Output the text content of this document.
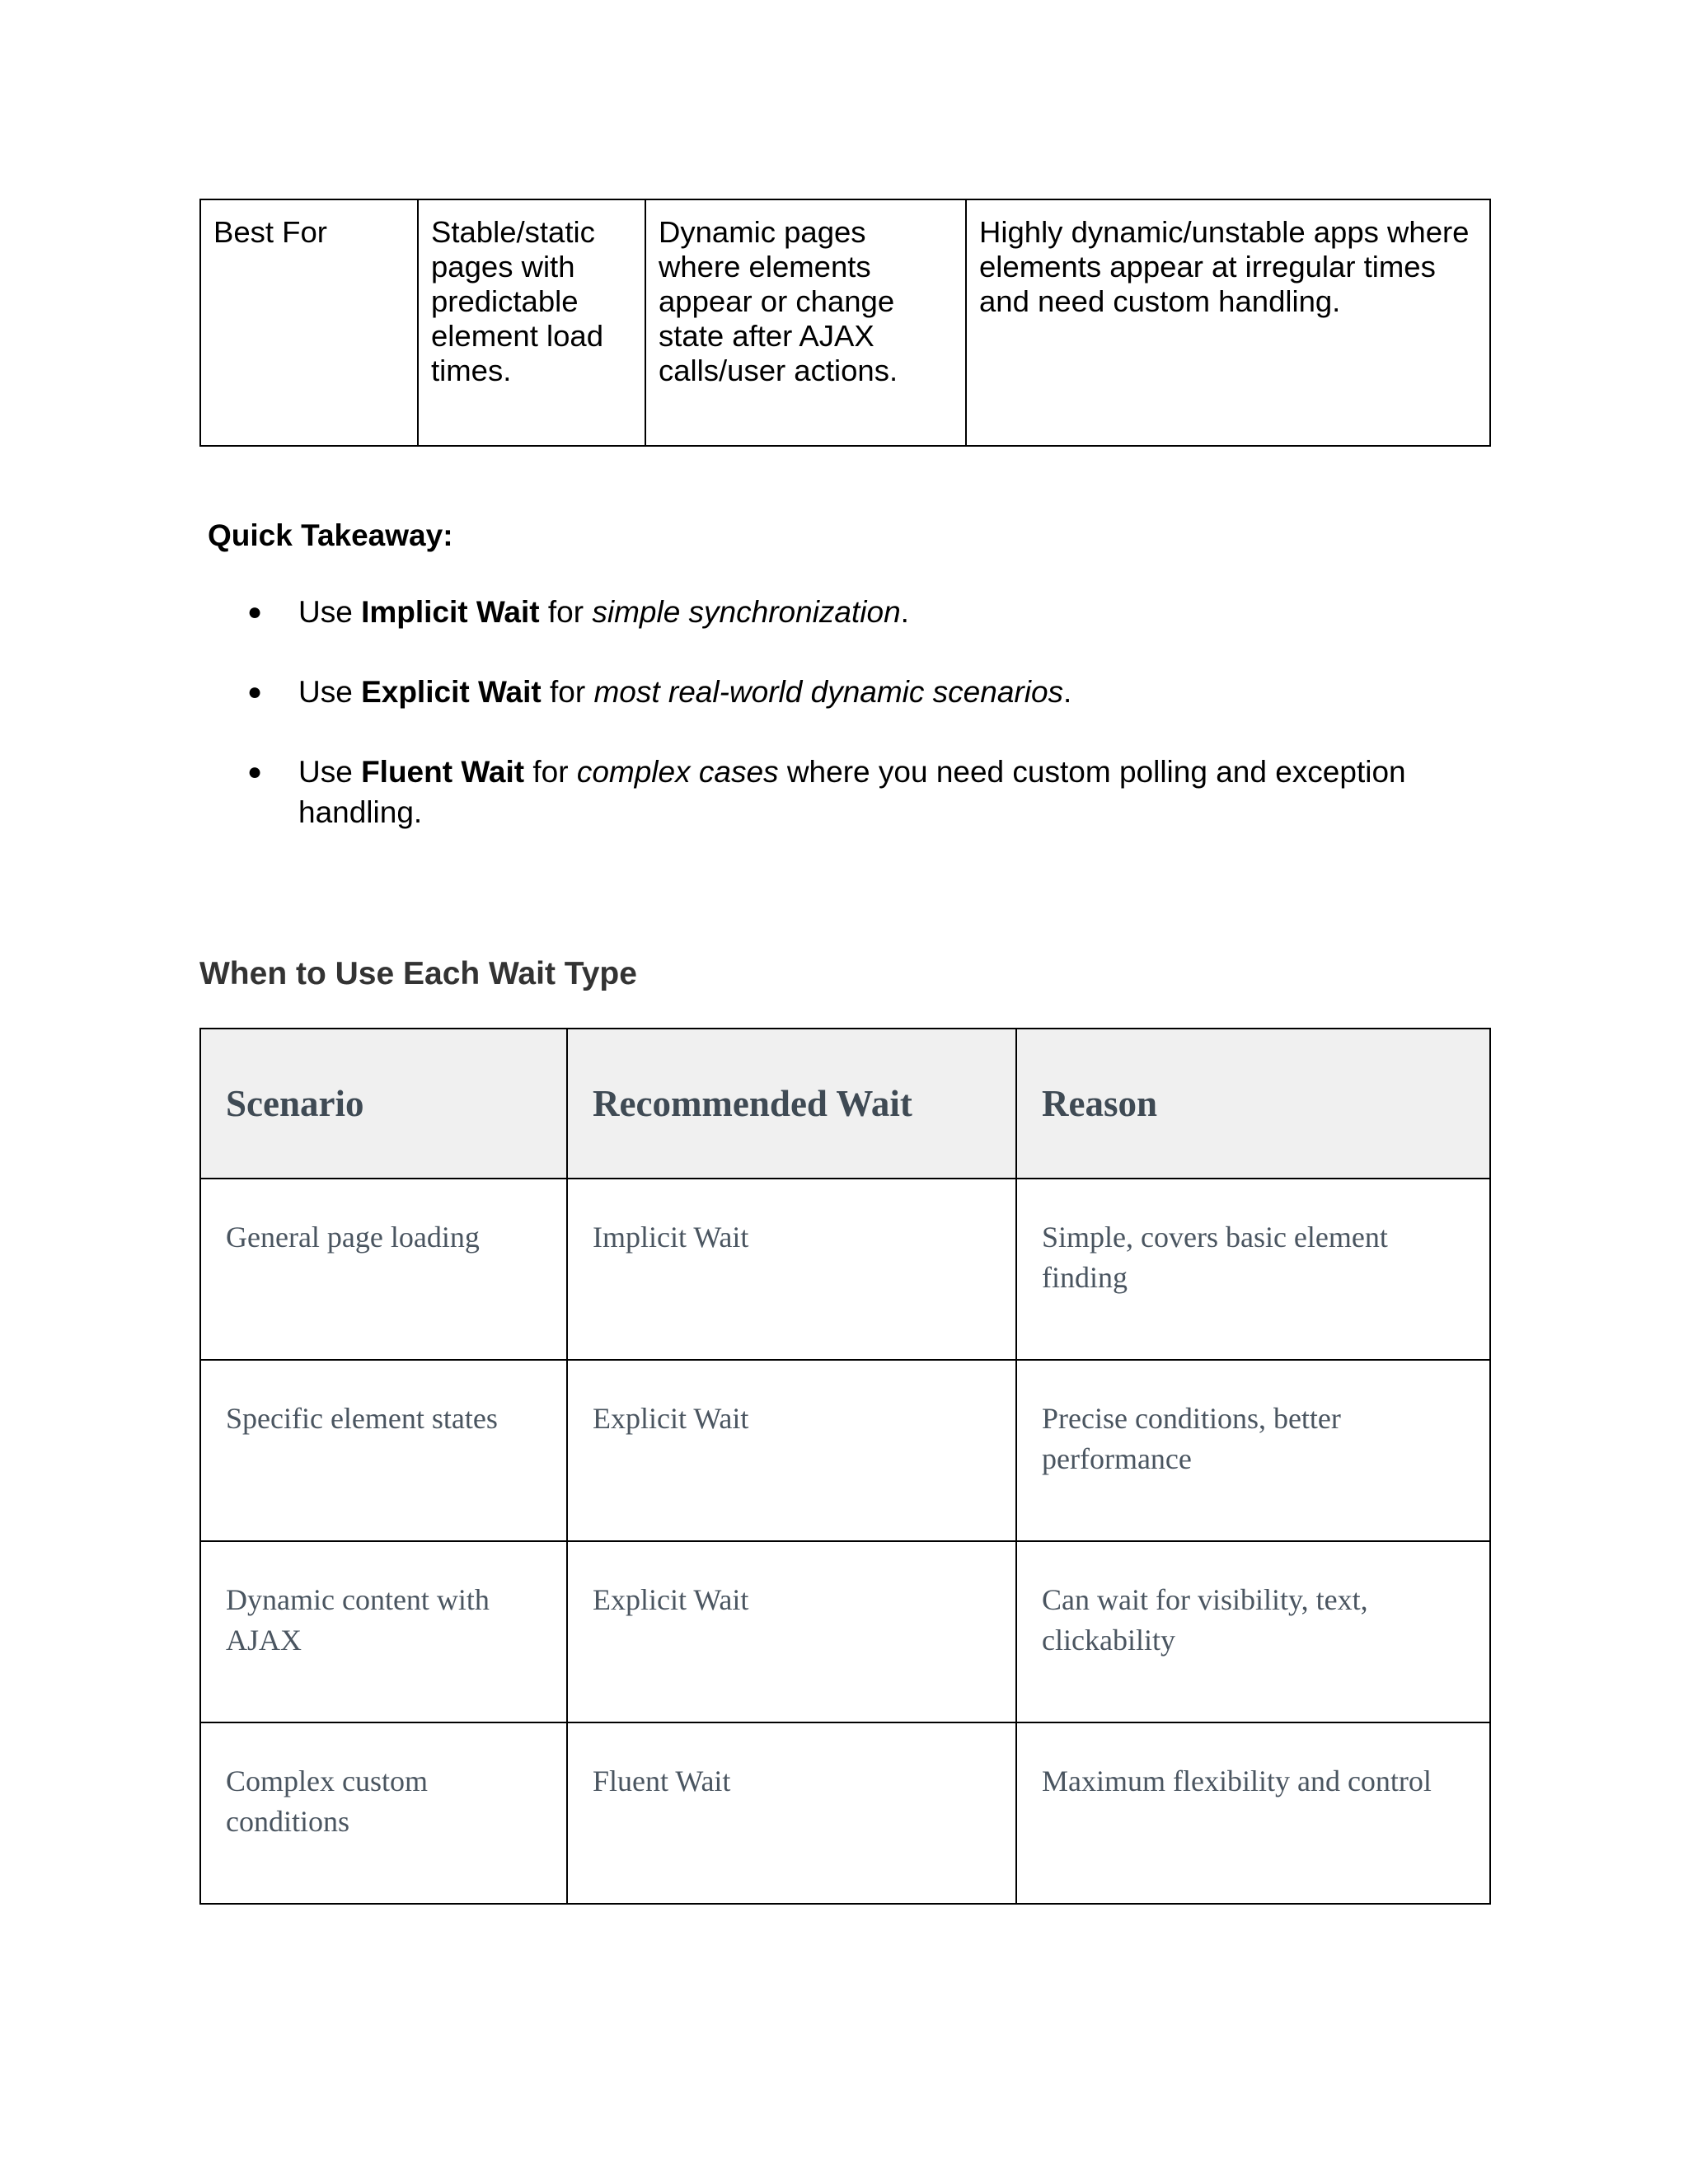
Best For	Stable/static pages with predictable element load times.	Dynamic pages where elements appear or change state after AJAX calls/user actions.	Highly dynamic/unstable apps where elements appear at irregular times and need custom handling.

Quick Takeaway:

● Use Implicit Wait for simple synchronization.
● Use Explicit Wait for most real-world dynamic scenarios.
● Use Fluent Wait for complex cases where you need custom polling and exception handling.
When to Use Each Wait Type
Scenario	Recommended Wait	Reason
General page loading	Implicit Wait	Simple, covers basic element finding
Specific element states	Explicit Wait	Precise conditions, better performance
Dynamic content with AJAX	Explicit Wait	Can wait for visibility, text, clickability
Complex custom conditions	Fluent Wait	Maximum flexibility and control
